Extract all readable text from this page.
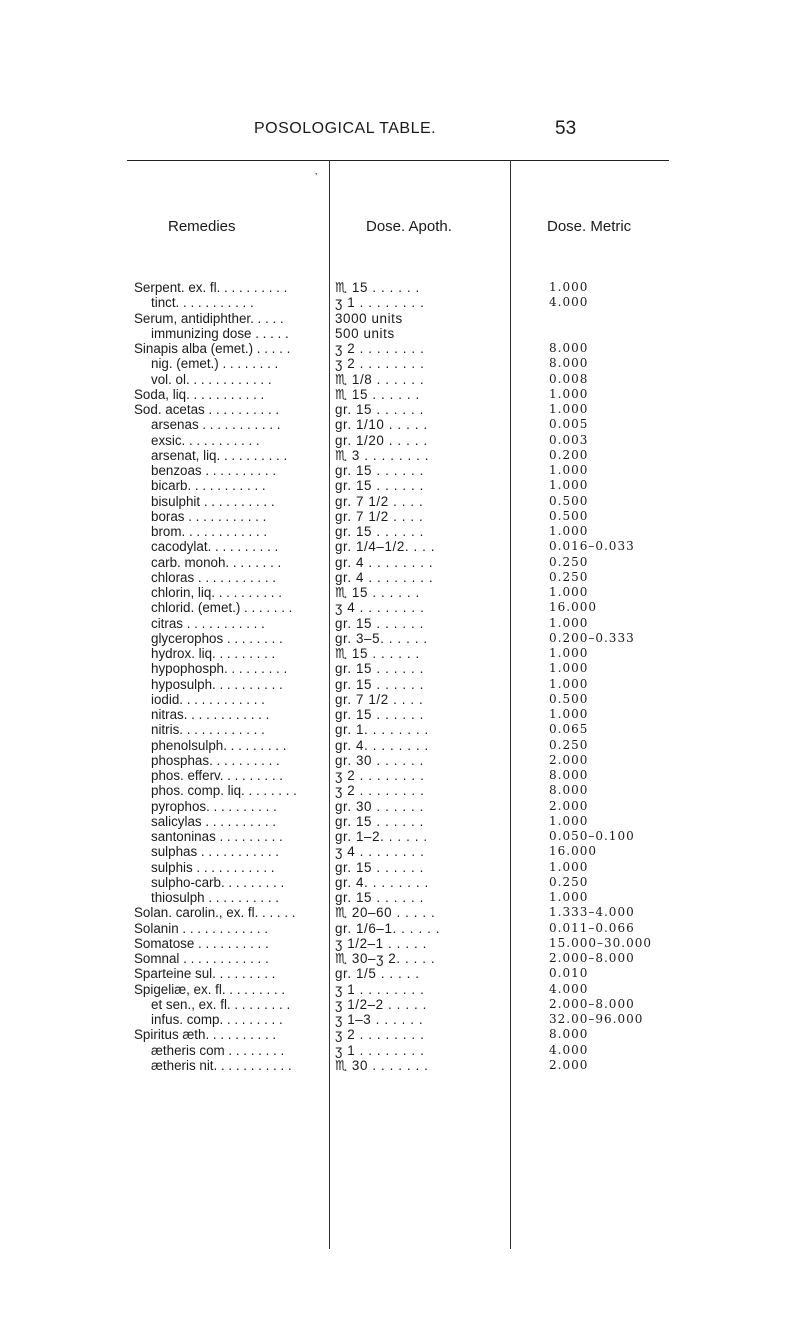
POSOLOGICAL TABLE.	53
’
Remedies	Dose. Apoth.	Dose. Metric
Serpent. ex. fl. . . . . . . . . .	♏ 15 . . . . . .	1.000
tinct. . . . . . . . . . .	ʒ 1 . . . . . . . .	4.000
Serum, antidiphther. . . . .	3000 units
immunizing dose . . . . .	500 units
Sinapis alba (emet.) . . . . .	ʒ 2 . . . . . . . .	8.000
nig. (emet.) . . . . . . . .	ʒ 2 . . . . . . . .	8.000
vol. ol. . . . . . . . . . . .	♏ 1/8 . . . . . .	0.008
Soda, liq. . . . . . . . . . .	♏ 15 . . . . . .	1.000
Sod. acetas . . . . . . . . . .	gr. 15 . . . . . .	1.000
arsenas . . . . . . . . . . .	gr. 1/10 . . . . .	0.005
exsic. . . . . . . . . . .	gr. 1/20 . . . . .	0.003
arsenat, liq. . . . . . . . . .	♏ 3 . . . . . . . .	0.200
benzoas . . . . . . . . . .	gr. 15 . . . . . .	1.000
bicarb. . . . . . . . . . .	gr. 15 . . . . . .	1.000
bisulphit . . . . . . . . . .	gr. 7 1/2 . . . .	0.500
boras . . . . . . . . . . .	gr. 7 1/2 . . . .	0.500
brom. . . . . . . . . . . .	gr. 15 . . . . . .	1.000
cacodylat. . . . . . . . . .	gr. 1/4–1/2. . . .	0.016–0.033
carb. monoh. . . . . . . .	gr. 4 . . . . . . . .	0.250
chloras . . . . . . . . . . .	gr. 4 . . . . . . . .	0.250
chlorin, liq. . . . . . . . . .	♏ 15 . . . . . .	1.000
chlorid. (emet.) . . . . . . .	ʒ 4 . . . . . . . .	16.000
citras . . . . . . . . . . .	gr. 15 . . . . . .	1.000
glycerophos . . . . . . . .	gr. 3–5. . . . . .	0.200–0.333
hydrox. liq. . . . . . . . .	♏ 15 . . . . . .	1.000
hypophosph. . . . . . . . .	gr. 15 . . . . . .	1.000
hyposulph. . . . . . . . . .	gr. 15 . . . . . .	1.000
iodid. . . . . . . . . . . .	gr. 7 1/2 . . . .	0.500
nitras. . . . . . . . . . . .	gr. 15 . . . . . .	1.000
nitris. . . . . . . . . . . .	gr. 1. . . . . . . .	0.065
phenolsulph. . . . . . . . .	gr. 4. . . . . . . .	0.250
phosphas. . . . . . . . . .	gr. 30 . . . . . .	2.000
phos. efferv. . . . . . . . .	ʒ 2 . . . . . . . .	8.000
phos. comp. liq. . . . . . . .	ʒ 2 . . . . . . . .	8.000
pyrophos. . . . . . . . . .	gr. 30 . . . . . .	2.000
salicylas . . . . . . . . . .	gr. 15 . . . . . .	1.000
santoninas . . . . . . . . .	gr. 1–2. . . . . .	0.050–0.100
sulphas . . . . . . . . . . .	ʒ 4 . . . . . . . .	16.000
sulphis . . . . . . . . . . .	gr. 15 . . . . . .	1.000
sulpho-carb. . . . . . . . .	gr. 4. . . . . . . .	0.250
thiosulph . . . . . . . . . .	gr. 15 . . . . . .	1.000
Solan. carolin., ex. fl. . . . . .	♏ 20–60 . . . . .	1.333–4.000
Solanin . . . . . . . . . . . .	gr. 1/6–1. . . . . .	0.011–0.066
Somatose . . . . . . . . . .	ʒ 1/2–1 . . . . .	15.000–30.000
Somnal . . . . . . . . . . . .	♏ 30–ʒ 2. . . . .	2.000–8.000
Sparteine sul. . . . . . . . .	gr. 1/5 . . . . .	0.010
Spigeliæ, ex. fl. . . . . . . . .	ʒ 1 . . . . . . . .	4.000
et sen., ex. fl. . . . . . . . .	ʒ 1/2–2 . . . . .	2.000–8.000
infus. comp. . . . . . . . .	ʒ 1–3 . . . . . .	32.00–96.000
Spiritus æth. . . . . . . . . .	ʒ 2 . . . . . . . .	8.000
ætheris com . . . . . . . .	ʒ 1 . . . . . . . .	4.000
ætheris nit. . . . . . . . . . .	♏ 30 . . . . . . .	2.000
